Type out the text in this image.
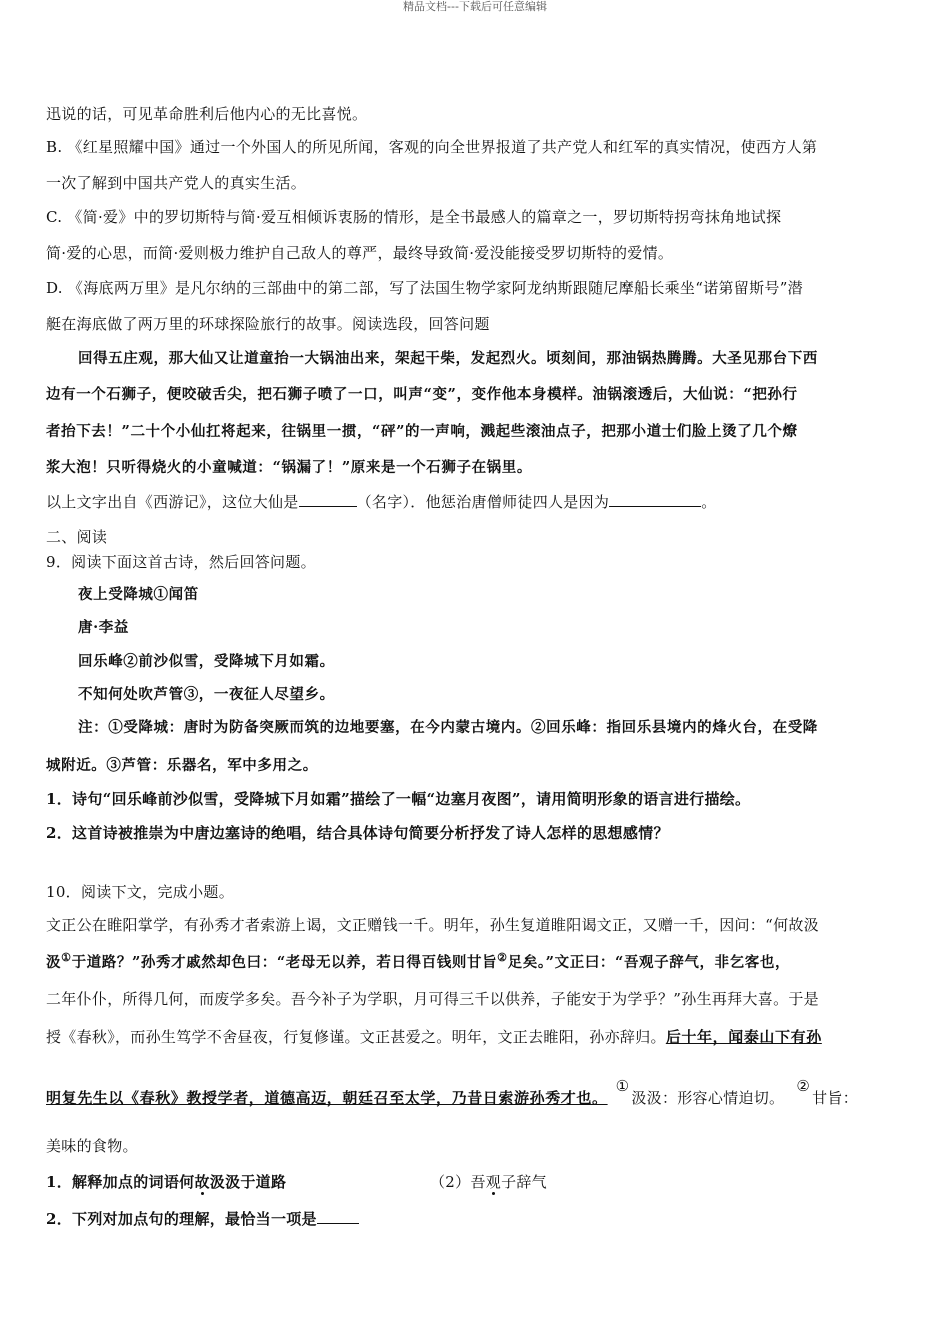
精品文档---下载后可任意编辑
迅说的话，可见革命胜利后他内心的无比喜悦。
B. 《红星照耀中国》通过一个外国人的所见所闻，客观的向全世界报道了共产党人和红军的真实情况，使西方人第
一次了解到中国共产党人的真实生活。
C. 《简·爱》中的罗切斯特与简·爱互相倾诉衷肠的情形，是全书最感人的篇章之一，罗切斯特拐弯抹角地试探
简·爱的心思，而简·爱则极力维护自己敌人的尊严，最终导致简·爱没能接受罗切斯特的爱情。
D. 《海底两万里》是凡尔纳的三部曲中的第二部，写了法国生物学家阿龙纳斯跟随尼摩船长乘坐“诺第留斯号”潜
艇在海底做了两万里的环球探险旅行的故事。阅读选段，回答问题
回得五庄观，那大仙又让道童抬一大锅油出来，架起干柴，发起烈火。顷刻间，那油锅热腾腾。大圣见那台下西
边有一个石狮子，便咬破舌尖，把石狮子喷了一口，叫声“变”，变作他本身模样。油锅滚透后，大仙说：“把孙行
者抬下去！”二十个小仙扛将起来，往锅里一掼，“砰”的一声响，溅起些滚油点子，把那小道士们脸上烫了几个燎
浆大泡！只听得烧火的小童喊道：“锅漏了！”原来是一个石狮子在锅里。
以上文字出自《西游记》，这位大仙是	（名字）．他惩治唐僧师徒四人是因为	。
二、阅读
9．阅读下面这首古诗，然后回答问题。
夜上受降城①闻笛
唐·李益
回乐峰②前沙似雪，受降城下月如霜。
不知何处吹芦管③，一夜征人尽望乡。
注：①受降城：唐时为防备突厥而筑的边地要塞，在今内蒙古境内。②回乐峰：指回乐县境内的烽火台，在受降
城附近。③芦管：乐器名，军中多用之。
1．诗句“回乐峰前沙似雪，受降城下月如霜”描绘了一幅“边塞月夜图”，请用简明形象的语言进行描绘。
2．这首诗被推崇为中唐边塞诗的绝唱，结合具体诗句简要分析抒发了诗人怎样的思想感情？
10．阅读下文，完成小题。
文正公在睢阳掌学，有孙秀才者索游上谒，文正赠钱一千。明年，孙生复道睢阳谒文正，又赠一千，因问：“何故汲
汲①于道路？”孙秀才戚然却色曰：“老母无以养，若日得百钱则甘旨②足矣。”文正曰：“吾观子辞气，非乞客也，
二年仆仆，所得几何，而废学多矣。吾今补子为学职，月可得三千以供养，子能安于为学乎？”孙生再拜大喜。于是
授《春秋》，而孙生笃学不舍昼夜，行复修谨。文正甚爱之。明年，文正去睢阳，孙亦辞归。后十年，闻泰山下有孙
明复先生以《春秋》教授学者，道德高迈，朝廷召至太学，乃昔日索游孙秀才也。①汲汲：形容心情迫切。②甘旨：
美味的食物。
1．解释加点的词语何故汲汲于道路	（2）吾观子辞气
2．下列对加点句的理解，最恰当一项是
